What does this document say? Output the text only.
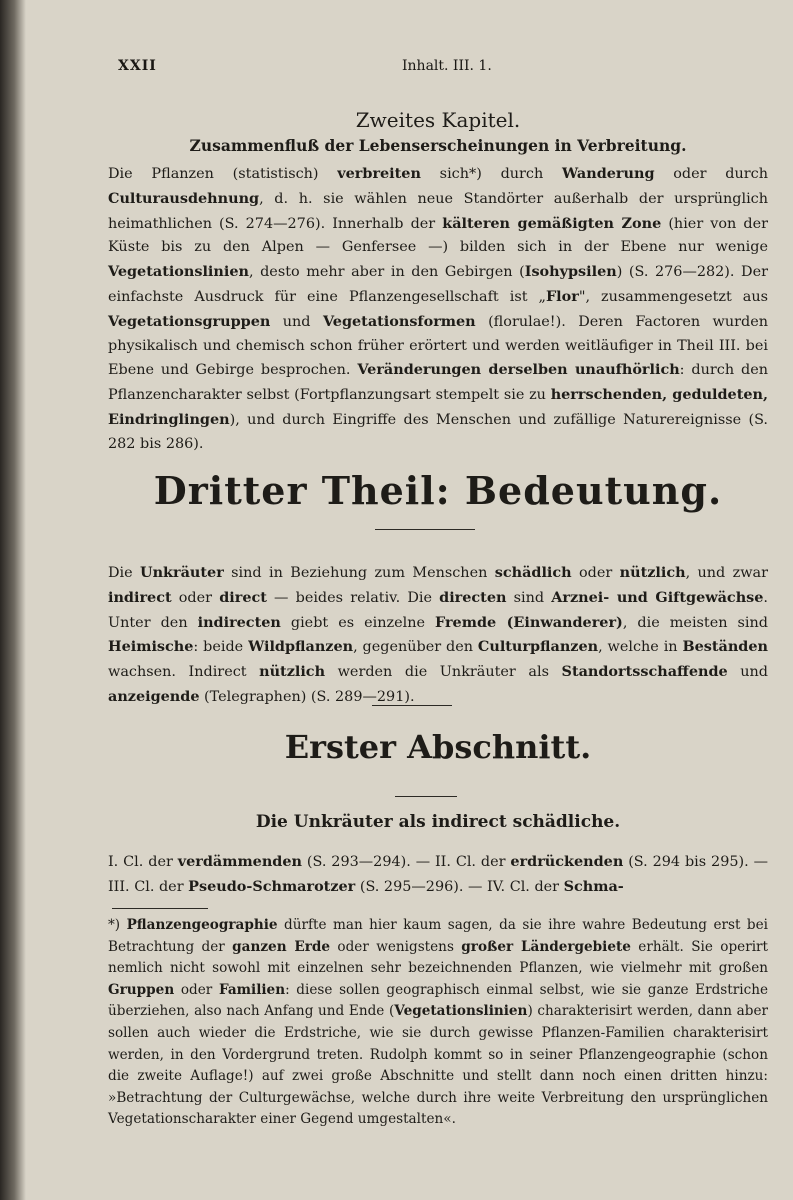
XXII	Inhalt. III. 1.
Zweites Kapitel.
Zusammenfluß der Lebenserscheinungen in Verbreitung.
Die Pflanzen (statistisch) verbreiten sich*) durch Wanderung oder durch Culturausdehnung, d. h. sie wählen neue Standörter außerhalb der ursprünglich heimathlichen (S. 274—276). Innerhalb der kälteren gemäßigten Zone (hier von der Küste bis zu den Alpen — Genfersee —) bilden sich in der Ebene nur wenige Vegetationslinien, desto mehr aber in den Gebirgen (Isohypsilen) (S. 276—282). Der einfachste Ausdruck für eine Pflanzengesellschaft ist „Flor", zusammengesetzt aus Vegetationsgruppen und Vegetationsformen (florulae!). Deren Factoren wurden physikalisch und chemisch schon früher erörtert und werden weitläufiger in Theil III. bei Ebene und Gebirge besprochen. Veränderungen derselben unaufhörlich: durch den Pflanzencharakter selbst (Fortpflanzungsart stempelt sie zu herrschenden, geduldeten, Eindringlingen), und durch Eingriffe des Menschen und zufällige Naturereignisse (S. 282 bis 286).
Dritter Theil: Bedeutung.
Die Unkräuter sind in Beziehung zum Menschen schädlich oder nützlich, und zwar indirect oder direct — beides relativ. Die directen sind Arznei- und Giftgewächse. Unter den indirecten giebt es einzelne Fremde (Einwanderer), die meisten sind Heimische: beide Wildpflanzen, gegenüber den Culturpflanzen, welche in Beständen wachsen. Indirect nützlich werden die Unkräuter als Standortsschaffende und anzeigende (Telegraphen) (S. 289—291).
Erster Abschnitt.
Die Unkräuter als indirect schädliche.
I. Cl. der verdämmenden (S. 293—294). — II. Cl. der erdrückenden (S. 294 bis 295). — III. Cl. der Pseudo-Schmarotzer (S. 295—296). — IV. Cl. der Schma-
*) Pflanzengeographie dürfte man hier kaum sagen, da sie ihre wahre Bedeutung erst bei Betrachtung der ganzen Erde oder wenigstens großer Ländergebiete erhält. Sie operirt nemlich nicht sowohl mit einzelnen sehr bezeichnenden Pflanzen, wie vielmehr mit großen Gruppen oder Familien: diese sollen geographisch einmal selbst, wie sie ganze Erdstriche überziehen, also nach Anfang und Ende (Vegetationslinien) charakterisirt werden, dann aber sollen auch wieder die Erdstriche, wie sie durch gewisse Pflanzen-Familien charakterisirt werden, in den Vordergrund treten. Rudolph kommt so in seiner Pflanzengeographie (schon die zweite Auflage!) auf zwei große Abschnitte und stellt dann noch einen dritten hinzu: »Betrachtung der Culturgewächse, welche durch ihre weite Verbreitung den ursprünglichen Vegetationscharakter einer Gegend umgestalten«.
